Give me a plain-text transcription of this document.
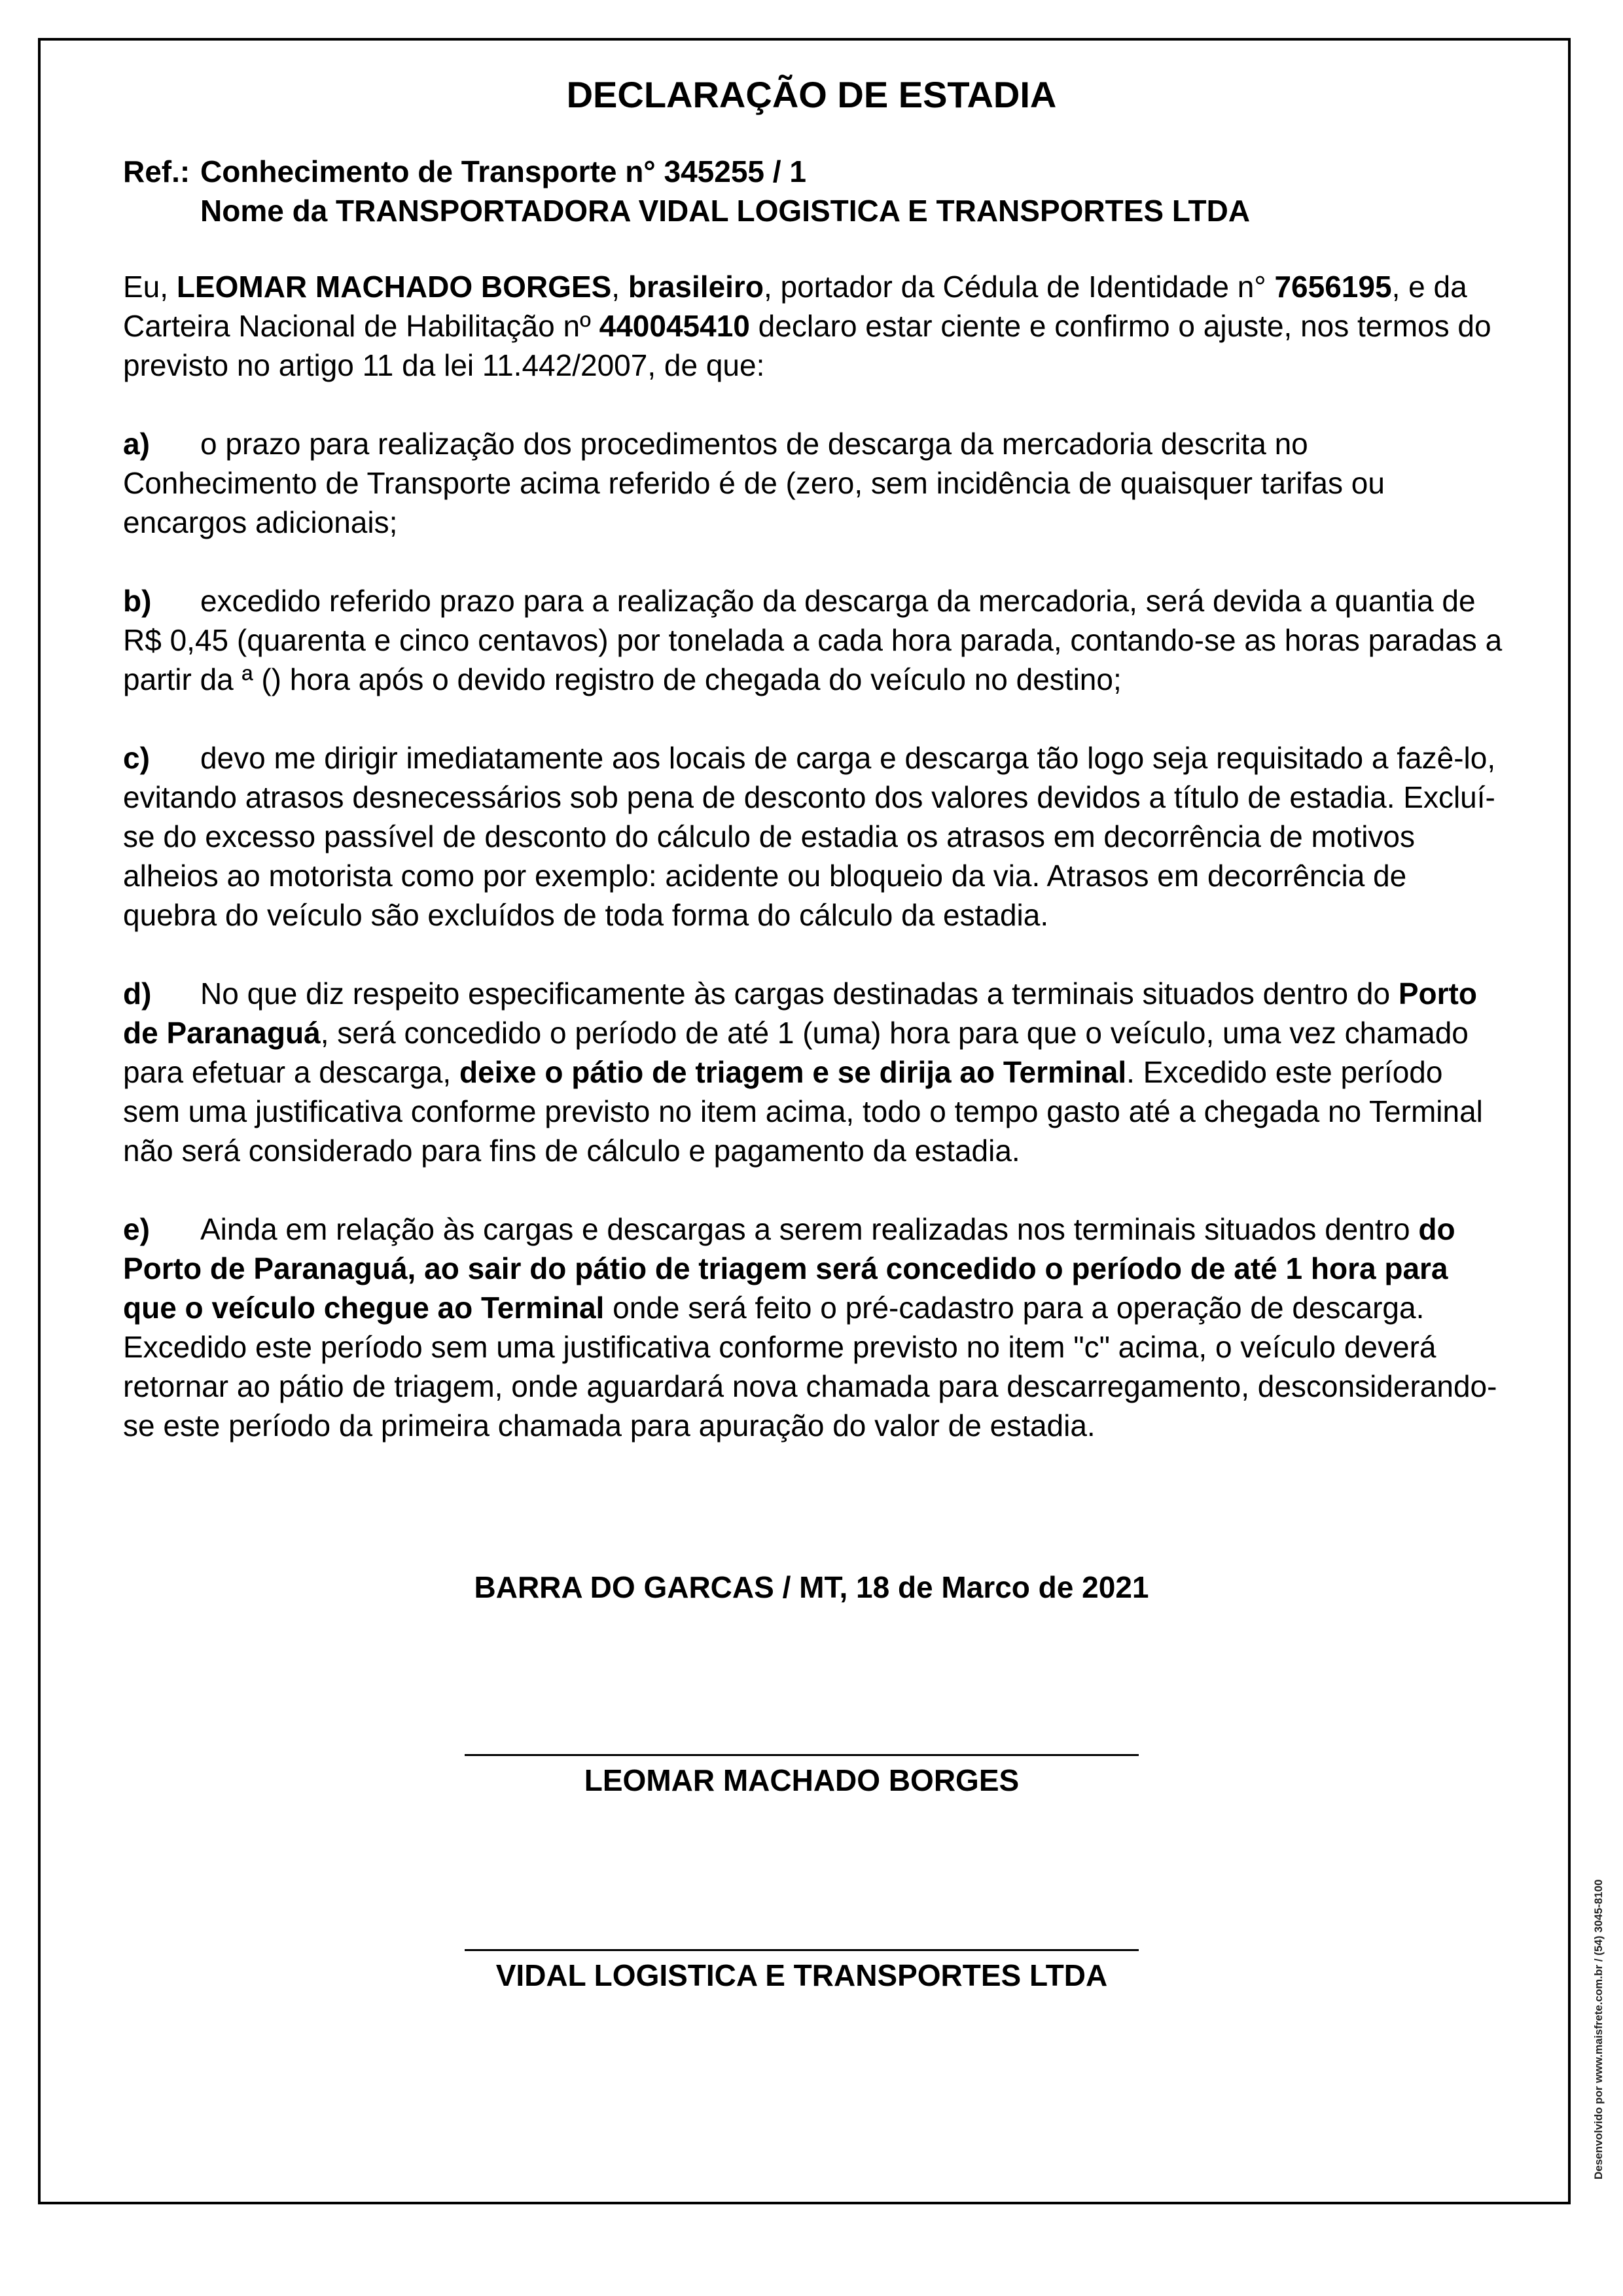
DECLARAÇÃO DE ESTADIA
Ref.: Conhecimento de Transporte n° 345255 / 1
Nome da TRANSPORTADORA VIDAL LOGISTICA E TRANSPORTES LTDA

Eu, LEOMAR MACHADO BORGES, brasileiro, portador da Cédula de Identidade n° 7656195, e da Carteira Nacional de Habilitação nº 440045410 declaro estar ciente e confirmo o ajuste, nos termos do previsto no artigo 11 da lei 11.442/2007, de que:

a) o prazo para realização dos procedimentos de descarga da mercadoria descrita no Conhecimento de Transporte acima referido é de (zero, sem incidência de quaisquer tarifas ou encargos adicionais;

b) excedido referido prazo para a realização da descarga da mercadoria, será devida a quantia de R$ 0,45 (quarenta e cinco centavos) por tonelada a cada hora parada, contando-se as horas paradas a partir da ª () hora após o devido registro de chegada do veículo no destino;

c) devo me dirigir imediatamente aos locais de carga e descarga tão logo seja requisitado a fazê-lo, evitando atrasos desnecessários sob pena de desconto dos valores devidos a título de estadia. Excluí-se do excesso passível de desconto do cálculo de estadia os atrasos em decorrência de motivos alheios ao motorista como por exemplo: acidente ou bloqueio da via. Atrasos em decorrência de quebra do veículo são excluídos de toda forma do cálculo da estadia.

d) No que diz respeito especificamente às cargas destinadas a terminais situados dentro do Porto de Paranaguá, será concedido o período de até 1 (uma) hora para que o veículo, uma vez chamado para efetuar a descarga, deixe o pátio de triagem e se dirija ao Terminal. Excedido este período sem uma justificativa conforme previsto no item acima, todo o tempo gasto até a chegada no Terminal não será considerado para fins de cálculo e pagamento da estadia.

e) Ainda em relação às cargas e descargas a serem realizadas nos terminais situados dentro do Porto de Paranaguá, ao sair do pátio de triagem será concedido o período de até 1 hora para que o veículo chegue ao Terminal onde será feito o pré-cadastro para a operação de descarga. Excedido este período sem uma justificativa conforme previsto no item "c" acima, o veículo deverá retornar ao pátio de triagem, onde aguardará nova chamada para descarregamento, desconsiderando-se este período da primeira chamada para apuração do valor de estadia.

BARRA DO GARCAS / MT, 18 de Marco de 2021
LEOMAR MACHADO BORGES
VIDAL LOGISTICA E TRANSPORTES LTDA	Desenvolvido por www.maisfrete.com.br / (54) 3045-8100
